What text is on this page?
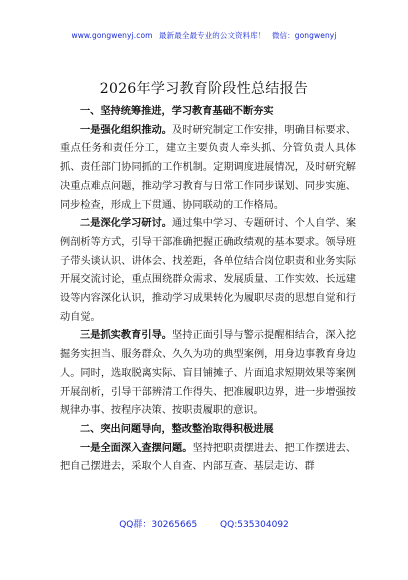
www.gongwenyj.com 最新最全最专业的公文资料库！ 微信：gongwenyj
2026年学习教育阶段性总结报告

一、坚持统筹推进，学习教育基础不断夯实

一是强化组织推动。及时研究制定工作安排，明确目标要求、重点任务和责任分工，建立主要负责人牵头抓、分管负责人具体抓、责任部门协同抓的工作机制。定期调度进展情况，及时研究解决重点难点问题，推动学习教育与日常工作同步谋划、同步实施、同步检查，形成上下贯通、协同联动的工作格局。

二是深化学习研讨。通过集中学习、专题研讨、个人自学、案例剖析等方式，引导干部准确把握正确政绩观的基本要求。领导班子带头谈认识、讲体会、找差距，各单位结合岗位职责和业务实际开展交流讨论，重点围绕群众需求、发展质量、工作实效、长远建设等内容深化认识，推动学习成果转化为履职尽责的思想自觉和行动自觉。

三是抓实教育引导。坚持正面引导与警示提醒相结合，深入挖掘务实担当、服务群众、久久为功的典型案例，用身边事教育身边人。同时，选取脱离实际、盲目铺摊子、片面追求短期效果等案例开展剖析，引导干部辨清工作得失、把准履职边界，进一步增强按规律办事、按程序决策、按职责履职的意识。

二、突出问题导向，整改整治取得积极进展

一是全面深入查摆问题。坚持把职责摆进去、把工作摆进去、把自己摆进去，采取个人自查、内部互查、基层走访、群

QQ群：30265665	QQ:535304092
